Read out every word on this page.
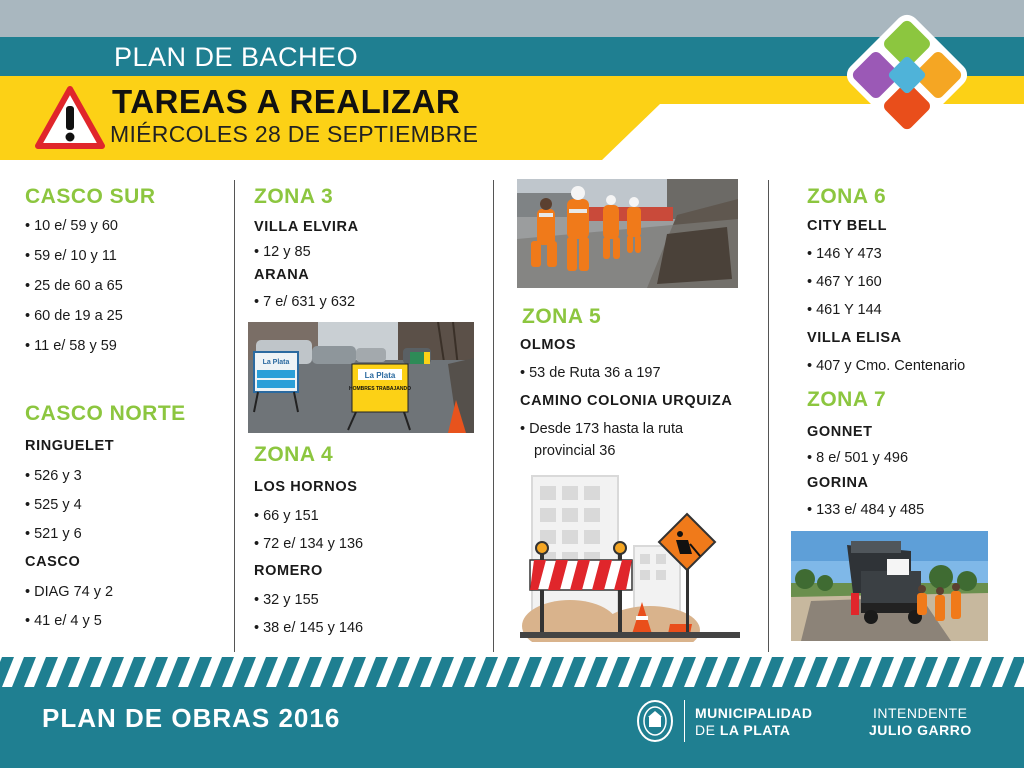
PLAN DE BACHEO
TAREAS A REALIZAR
MIÉRCOLES 28 DE SEPTIEMBRE
CASCO SUR
• 10 e/ 59 y 60
• 59 e/ 10 y 11
• 25 de 60 a 65
• 60 de 19 a 25
• 11 e/ 58 y 59
CASCO NORTE
RINGUELET
• 526 y 3
• 525 y 4
• 521 y 6
CASCO
• DIAG 74 y 2
• 41 e/ 4 y 5
ZONA 3
VILLA ELVIRA
• 12 y 85
ARANA
• 7 e/ 631 y 632
La Plata
La Plata
HOMBRES TRABAJANDO
ZONA 4
LOS HORNOS
• 66 y 151
• 72 e/ 134 y 136
ROMERO
• 32 y 155
• 38 e/ 145 y 146
ZONA 5
OLMOS
• 53 de Ruta 36 a 197
CAMINO COLONIA URQUIZA
• Desde 173 hasta la ruta
provincial 36
ZONA 6
CITY BELL
• 146 Y 473
• 467 Y 160
• 461 Y 144
VILLA ELISA
• 407 y Cmo. Centenario
ZONA 7
GONNET
• 8 e/ 501 y 496
GORINA
• 133 e/ 484 y 485
PLAN DE OBRAS 2016	MUNICIPALIDAD
DE LA PLATA
INTENDENTE
JULIO GARRO
